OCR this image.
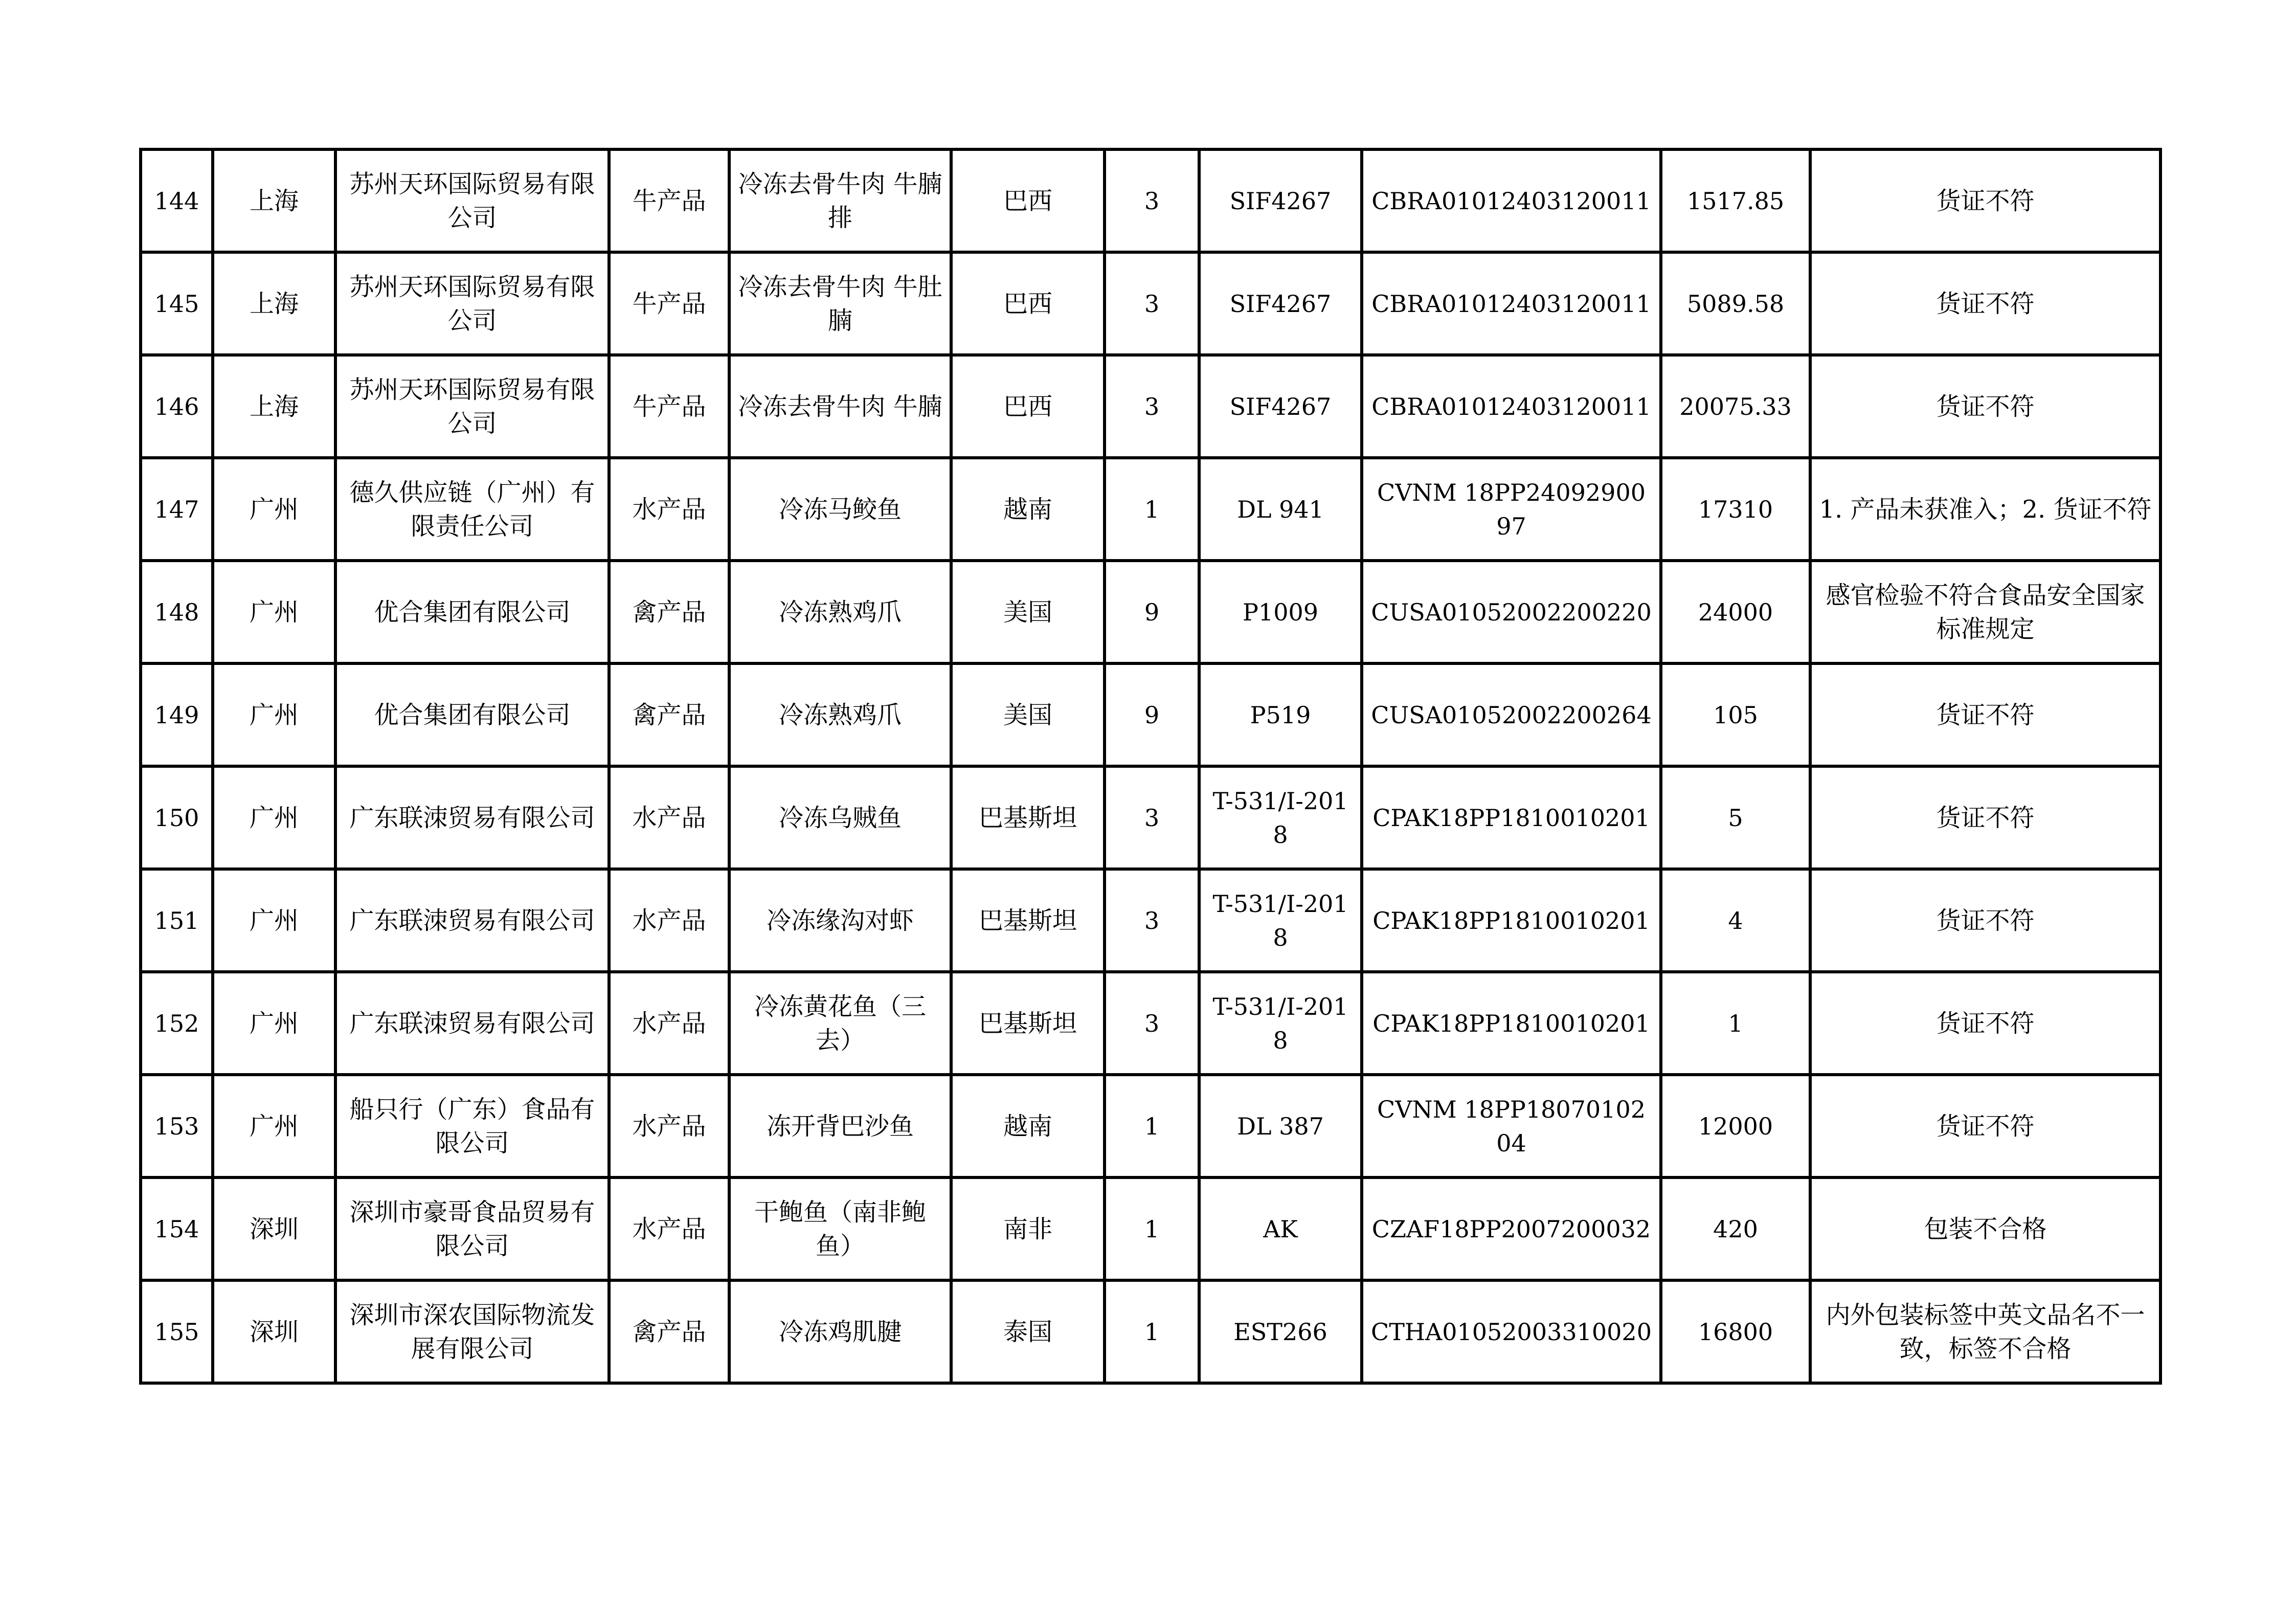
144	上海	苏州天环国际贸易有限公司	牛产品	冷冻去骨牛肉 牛腩排	巴西	3	SIF4267	CBRA01012403120011	1517.85	货证不符
145	上海	苏州天环国际贸易有限公司	牛产品	冷冻去骨牛肉 牛肚腩	巴西	3	SIF4267	CBRA01012403120011	5089.58	货证不符
146	上海	苏州天环国际贸易有限公司	牛产品	冷冻去骨牛肉 牛腩	巴西	3	SIF4267	CBRA01012403120011	20075.33	货证不符
147	广州	德久供应链（广州）有限责任公司	水产品	冷冻马鲛鱼	越南	1	DL 941	CVNM 18PP2409290097	17310	1. 产品未获准入；2. 货证不符
148	广州	优合集团有限公司	禽产品	冷冻熟鸡爪	美国	9	P1009	CUSA01052002200220	24000	感官检验不符合食品安全国家标准规定
149	广州	优合集团有限公司	禽产品	冷冻熟鸡爪	美国	9	P519	CUSA01052002200264	105	货证不符
150	广州	广东联洓贸易有限公司	水产品	冷冻乌贼鱼	巴基斯坦	3	T-531/I-2018	CPAK18PP1810010201	5	货证不符
151	广州	广东联洓贸易有限公司	水产品	冷冻缘沟对虾	巴基斯坦	3	T-531/I-2018	CPAK18PP1810010201	4	货证不符
152	广州	广东联洓贸易有限公司	水产品	冷冻黄花鱼（三去）	巴基斯坦	3	T-531/I-2018	CPAK18PP1810010201	1	货证不符
153	广州	船只行（广东）食品有限公司	水产品	冻开背巴沙鱼	越南	1	DL 387	CVNM 18PP1807010204	12000	货证不符
154	深圳	深圳市豪哥食品贸易有限公司	水产品	干鲍鱼（南非鲍鱼）	南非	1	AK	CZAF18PP2007200032	420	包装不合格
155	深圳	深圳市深农国际物流发展有限公司	禽产品	冷冻鸡肌腱	泰国	1	EST266	CTHA01052003310020	16800	内外包装标签中英文品名不一致，标签不合格
